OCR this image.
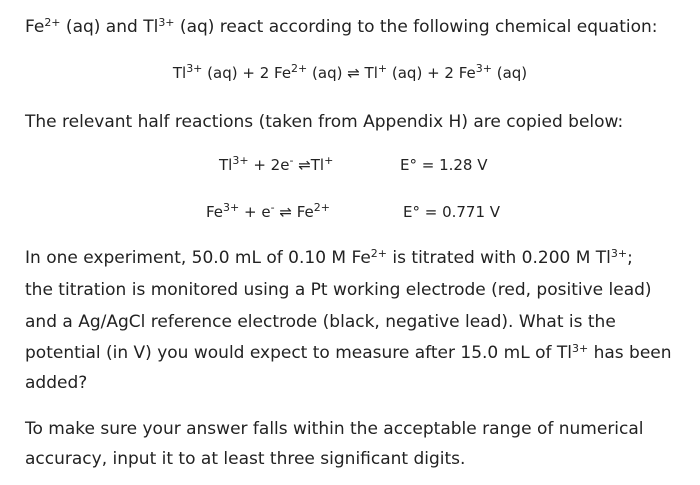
$Fe^{2+}$ (aq) and $Tl^{3+}$ (aq) react according to the following chemical equation:
$Tl^{3+}$ (aq) + 2 $Fe^{2+}$ (aq) ⇌ Tl+ (aq) + 2 $Fe^{3+}$ (aq)
The relevant half reactions (taken from Appendix H) are copied below:
$Tl^{3+} + 2e^-$ ⇌Tl+	E° = 1.28 V
$Fe^{3+} + e^-$ ⇌ $Fe^{2+}$	E° = 0.771 V
In one experiment, 50.0 mL of 0.10 M $Fe^{2+}$ is titrated with 0.200 M $Tl^{3+}$;
the titration is monitored using a Pt working electrode (red, positive lead)
and a Ag/AgCl reference electrode (black, negative lead). What is the
potential (in V) you would expect to measure after 15.0 mL of $Tl^{3+}$ has been
added?
To make sure your answer falls within the acceptable range of numerical
accuracy, input it to at least three significant digits.
